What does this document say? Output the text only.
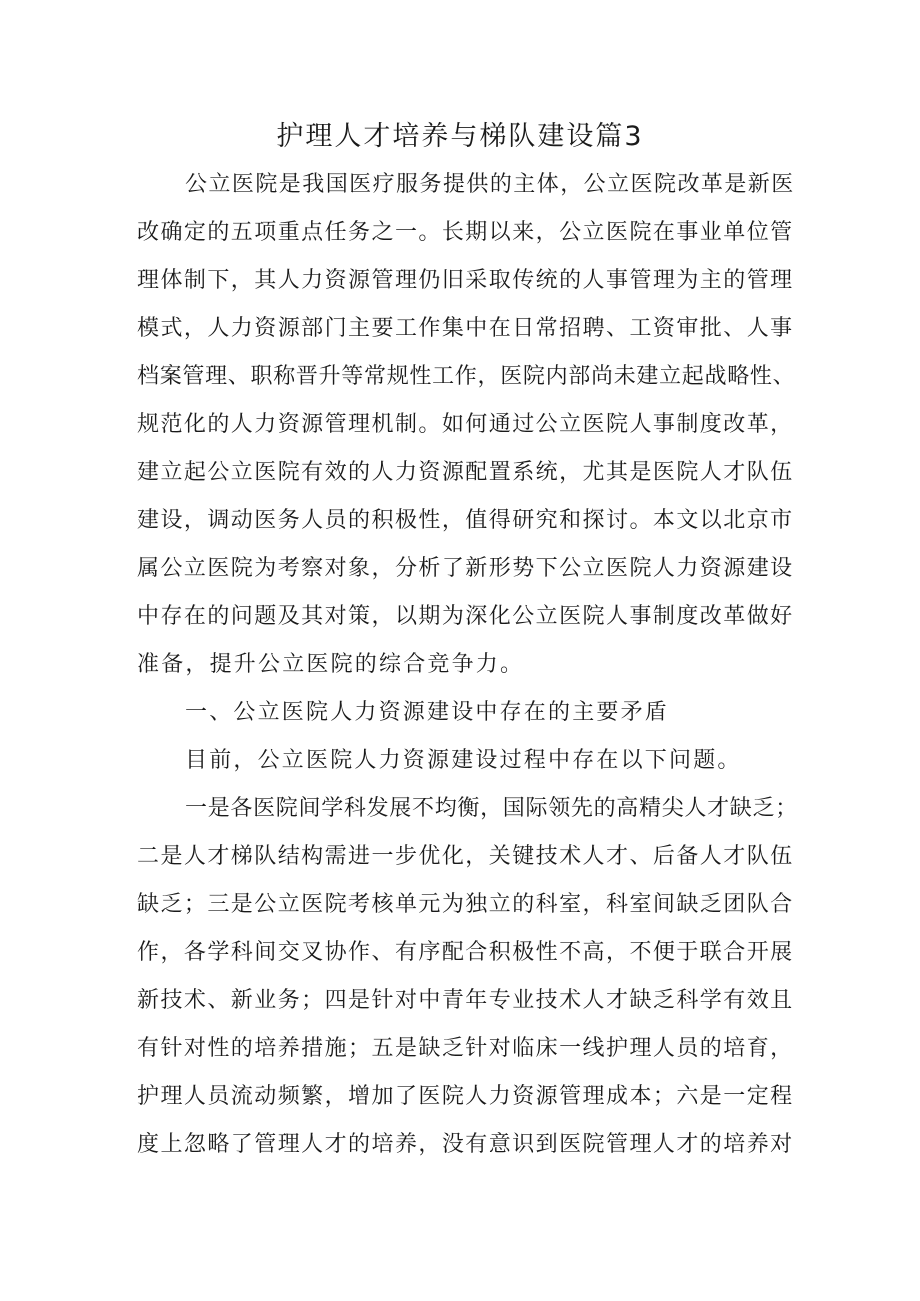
护理人才培养与梯队建设篇3
公立医院是我国医疗服务提供的主体，公立医院改革是新医
改确定的五项重点任务之一。长期以来，公立医院在事业单位管
理体制下，其人力资源管理仍旧采取传统的人事管理为主的管理
模式，人力资源部门主要工作集中在日常招聘、工资审批、人事
档案管理、职称晋升等常规性工作，医院内部尚未建立起战略性、
规范化的人力资源管理机制。如何通过公立医院人事制度改革，
建立起公立医院有效的人力资源配置系统，尤其是医院人才队伍
建设，调动医务人员的积极性，值得研究和探讨。本文以北京市
属公立医院为考察对象，分析了新形势下公立医院人力资源建设
中存在的问题及其对策，以期为深化公立医院人事制度改革做好
准备，提升公立医院的综合竞争力。
一、公立医院人力资源建设中存在的主要矛盾
目前，公立医院人力资源建设过程中存在以下问题。
一是各医院间学科发展不均衡，国际领先的高精尖人才缺乏；
二是人才梯队结构需进一步优化，关键技术人才、后备人才队伍
缺乏；三是公立医院考核单元为独立的科室，科室间缺乏团队合
作，各学科间交叉协作、有序配合积极性不高，不便于联合开展
新技术、新业务；四是针对中青年专业技术人才缺乏科学有效且
有针对性的培养措施；五是缺乏针对临床一线护理人员的培育，
护理人员流动频繁，增加了医院人力资源管理成本；六是一定程
度上忽略了管理人才的培养，没有意识到医院管理人才的培养对
